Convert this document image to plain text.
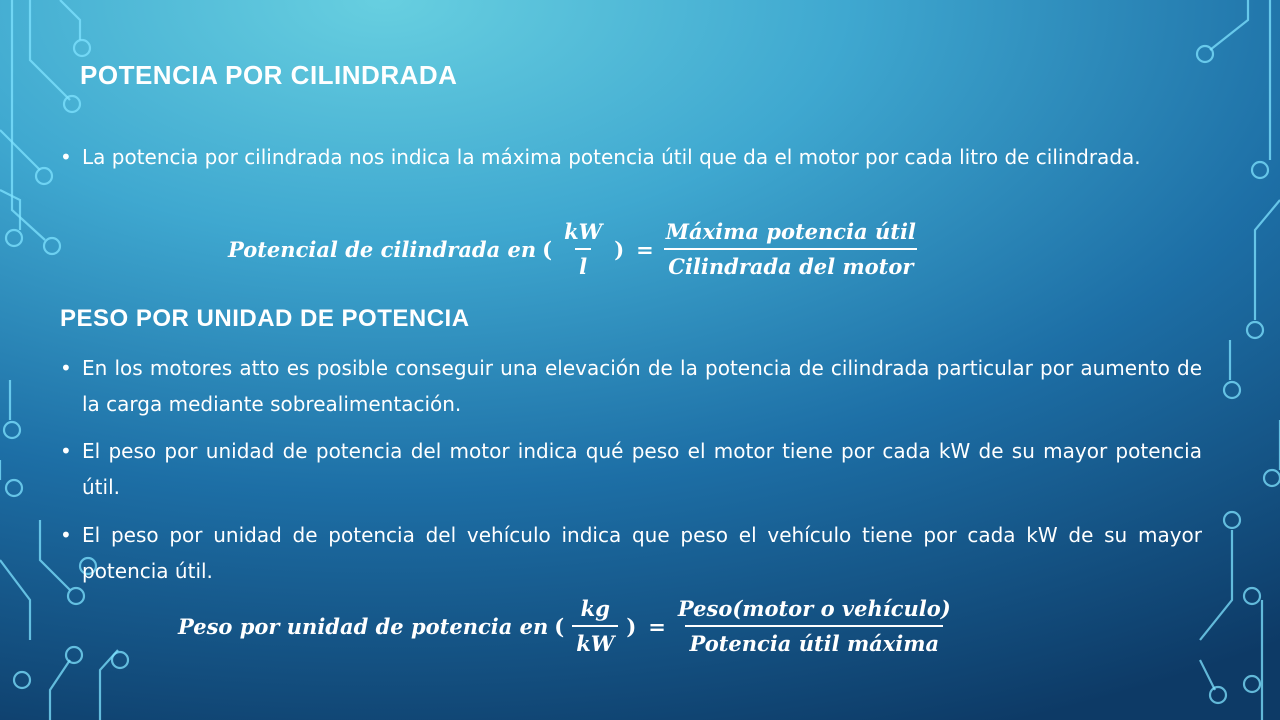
POTENCIA POR CILINDRADA
• La potencia por cilindrada nos indica la máxima potencia útil que da el motor por cada litro de cilindrada.
Potencial de cilindrada en ( $\frac{kW}{l}$ ) = $\frac{\text{Máxima potencia útil}}{\text{Cilindrada del motor}}$
PESO POR UNIDAD DE POTENCIA
• En los motores atto es posible conseguir una elevación de la potencia de cilindrada particular por aumento de la carga mediante sobrealimentación.
• El peso por unidad de potencia del motor indica qué peso el motor tiene por cada kW de su mayor potencia útil.
• El peso por unidad de potencia del vehículo indica que peso el vehículo tiene por cada kW de su mayor potencia útil.
Peso por unidad de potencia en ( $\frac{kg}{kW}$ ) = $\frac{\text{Peso(motor o vehículo)}}{\text{Potencia útil máxima}}$
